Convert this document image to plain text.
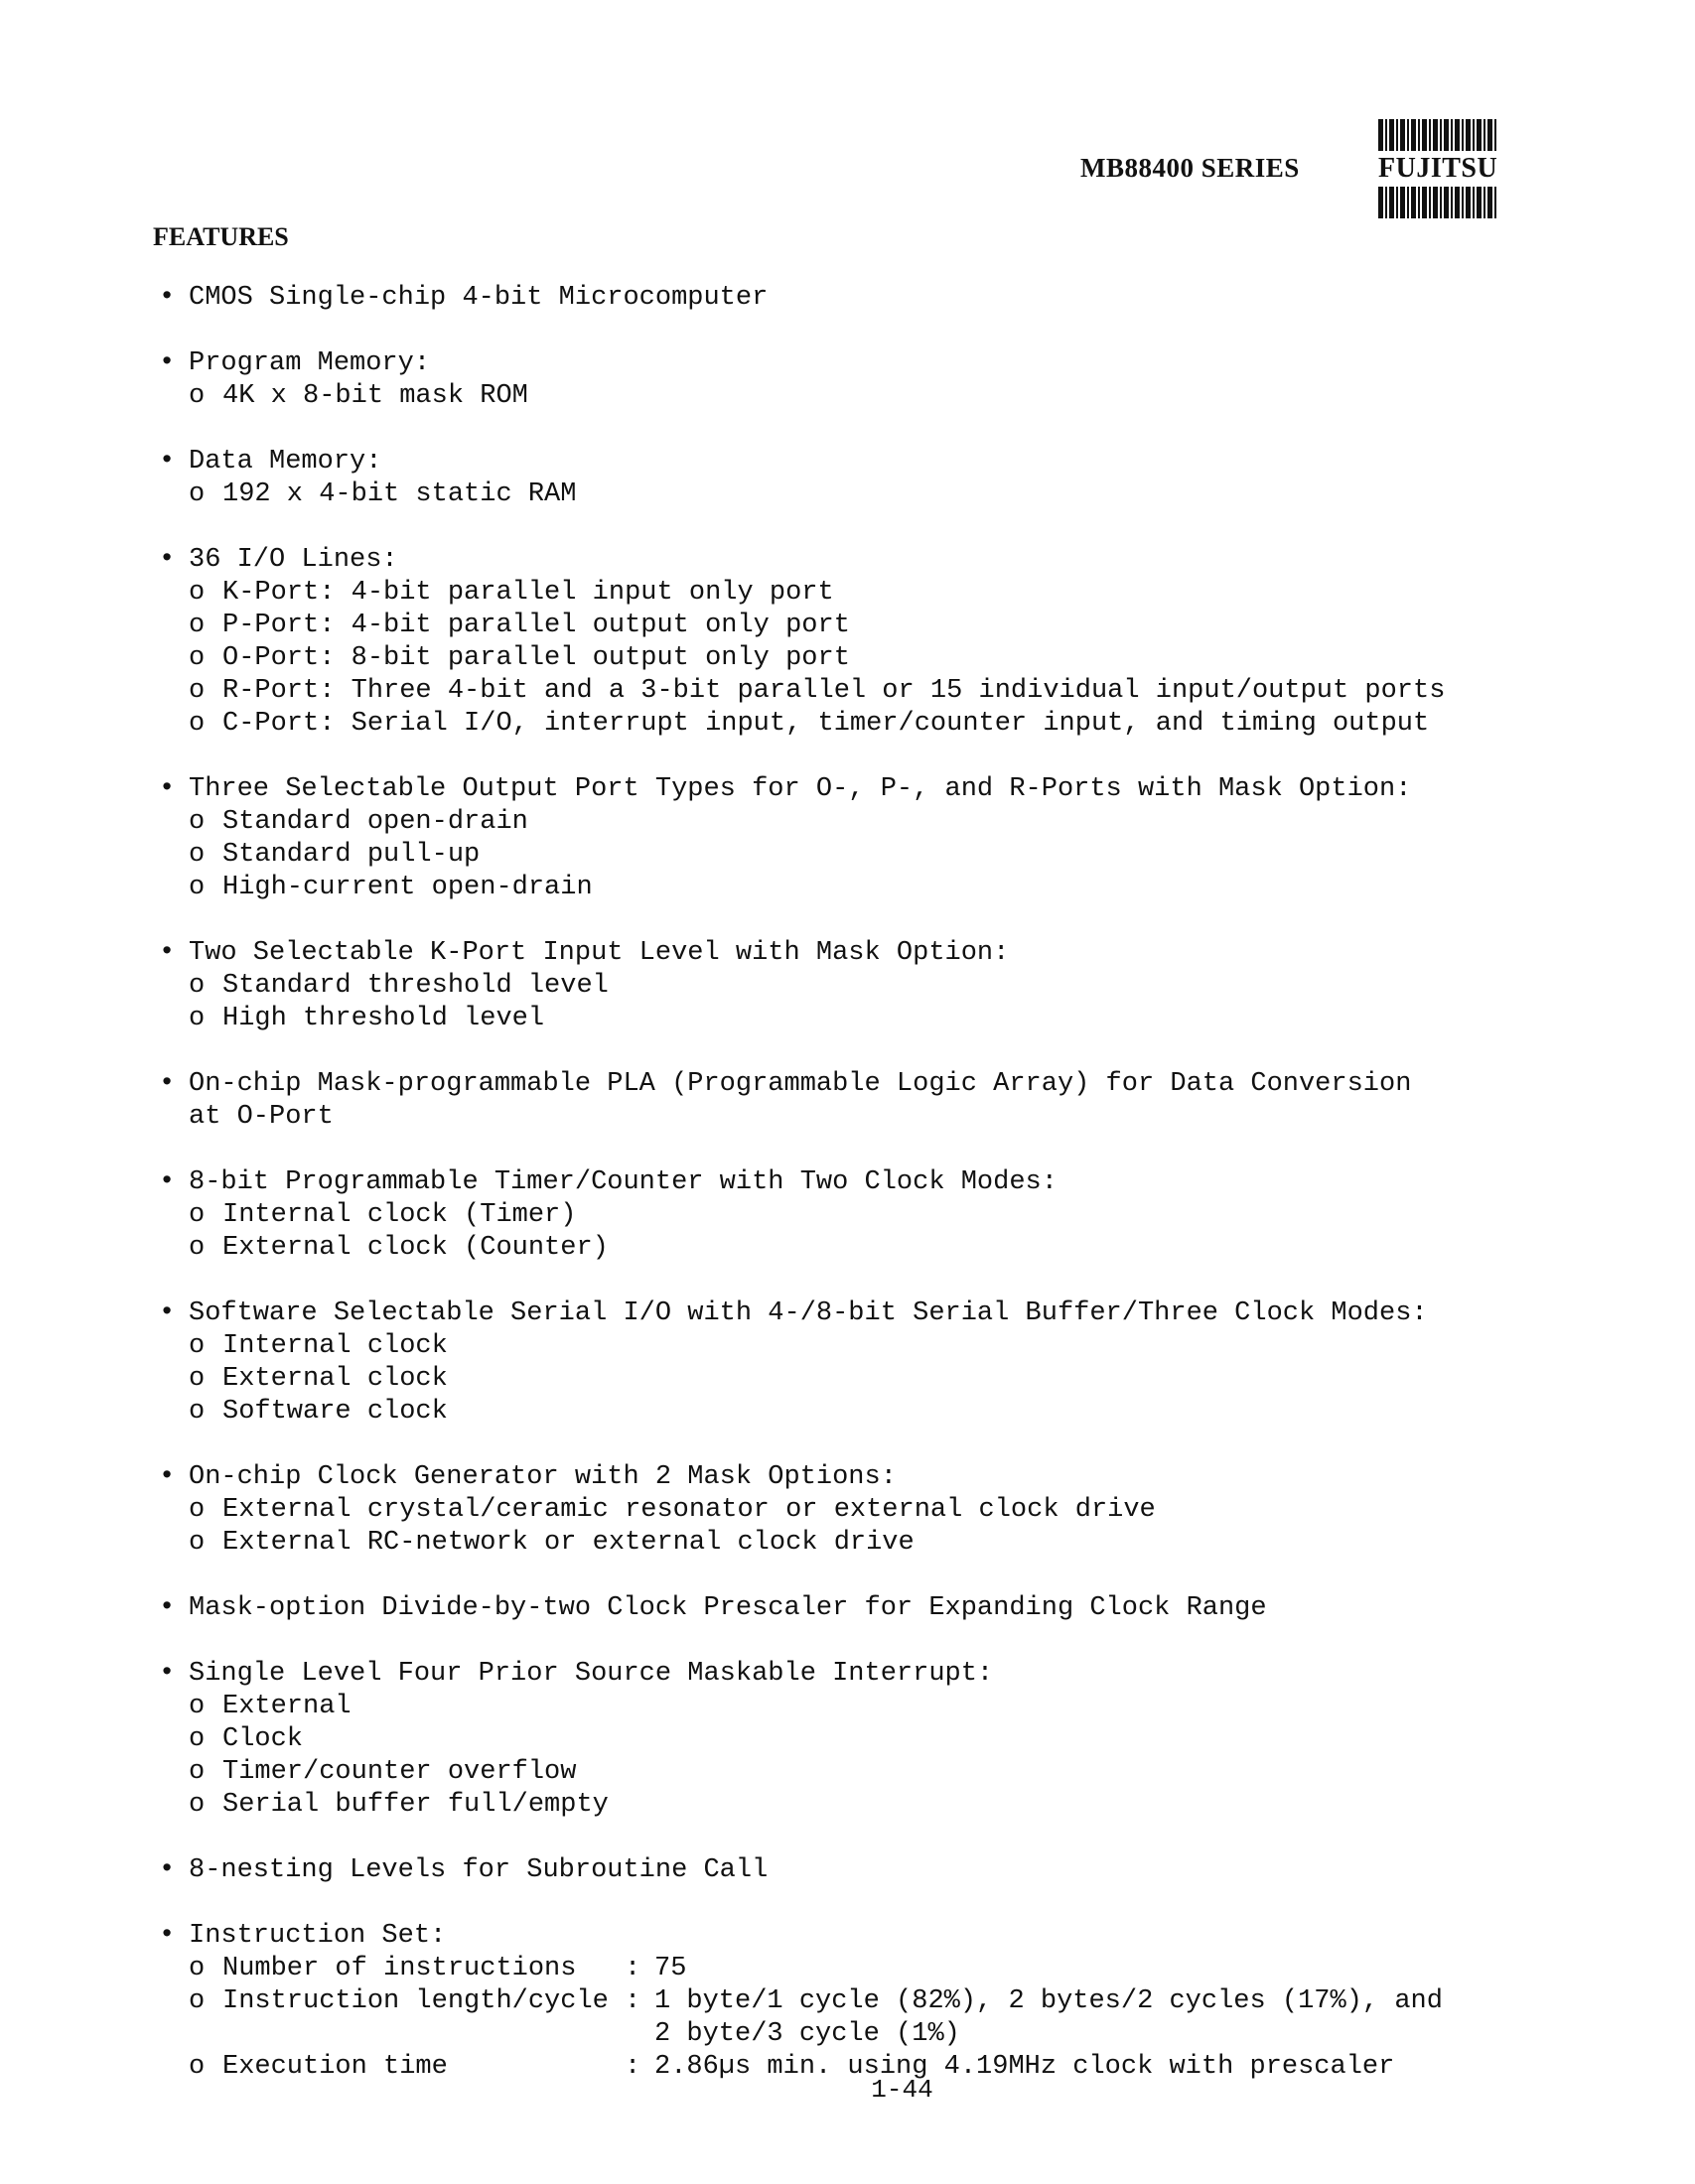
MB88400 SERIES	FUJITSU
FEATURES
• CMOS Single-chip 4-bit Microcomputer
• Program Memory:
o 4K x 8-bit mask ROM
• Data Memory:
o 192 x 4-bit static RAM
• 36 I/O Lines:
o K-Port: 4-bit parallel input only port
o P-Port: 4-bit parallel output only port
o O-Port: 8-bit parallel output only port
o R-Port: Three 4-bit and a 3-bit parallel or 15 individual input/output ports
o C-Port: Serial I/O, interrupt input, timer/counter input, and timing output
• Three Selectable Output Port Types for O-, P-, and R-Ports with Mask Option:
o Standard open-drain
o Standard pull-up
o High-current open-drain
• Two Selectable K-Port Input Level with Mask Option:
o Standard threshold level
o High threshold level
• On-chip Mask-programmable PLA (Programmable Logic Array) for Data Conversion
at O-Port
• 8-bit Programmable Timer/Counter with Two Clock Modes:
o Internal clock (Timer)
o External clock (Counter)
• Software Selectable Serial I/O with 4-/8-bit Serial Buffer/Three Clock Modes:
o Internal clock
o External clock
o Software clock
• On-chip Clock Generator with 2 Mask Options:
o External crystal/ceramic resonator or external clock drive
o External RC-network or external clock drive
• Mask-option Divide-by-two Clock Prescaler for Expanding Clock Range
• Single Level Four Prior Source Maskable Interrupt:
o External
o Clock
o Timer/counter overflow
o Serial buffer full/empty
• 8-nesting Levels for Subroutine Call
• Instruction Set:
o Number of instructions	: 75
o Instruction length/cycle : 1 byte/1 cycle (82%), 2 bytes/2 cycles (17%), and
2 byte/3 cycle (1%)
o Execution time	: 2.86µs min. using 4.19MHz clock with prescaler
1-44
